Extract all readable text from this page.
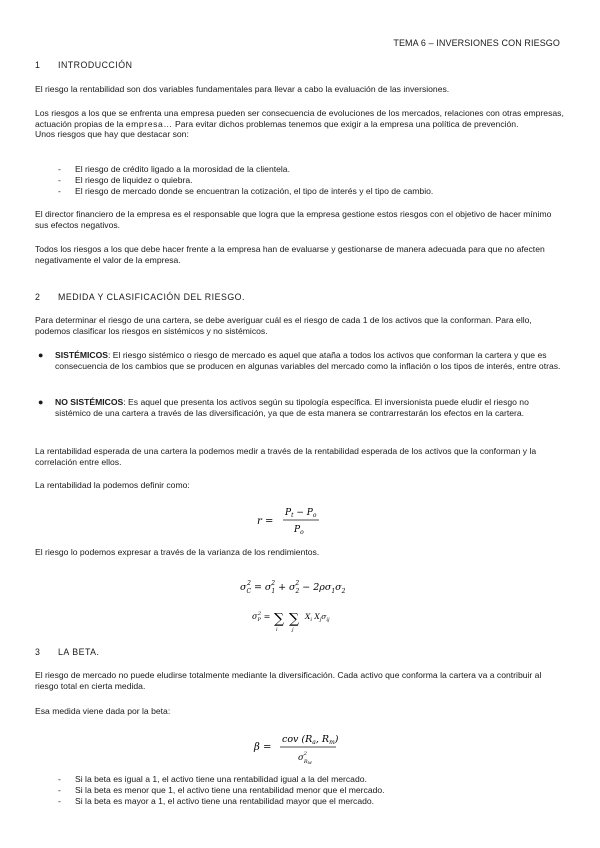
TEMA 6 – INVERSIONES CON RIESGO
1 INTRODUCCIÓN
El riesgo la rentabilidad son dos variables fundamentales para llevar a cabo la evaluación de las inversiones.
Los riesgos a los que se enfrenta una empresa pueden ser consecuencia de evoluciones de los mercados, relaciones con otras empresas, actuación propias de la empresa… Para evitar dichos problemas tenemos que exigir a la empresa una política de prevención.
Unos riesgos que hay que destacar son:
- El riesgo de crédito ligado a la morosidad de la clientela.
- El riesgo de liquidez o quiebra.
- El riesgo de mercado donde se encuentran la cotización, el tipo de interés y el tipo de cambio.
El director financiero de la empresa es el responsable que logra que la empresa gestione estos riesgos con el objetivo de hacer mínimo sus efectos negativos.
Todos los riesgos a los que debe hacer frente a la empresa han de evaluarse y gestionarse de manera adecuada para que no afecten negativamente el valor de la empresa.
2 MEDIDA Y CLASIFICACIÓN DEL RIESGO.
Para determinar el riesgo de una cartera, se debe averiguar cuál es el riesgo de cada 1 de los activos que la conforman. Para ello, podemos clasificar los riesgos en sistémicos y no sistémicos.
● SISTÉMICOS: El riesgo sistémico o riesgo de mercado es aquel que ataña a todos los activos que conforman la cartera y que es consecuencia de los cambios que se producen en algunas variables del mercado como la inflación o los tipos de interés, entre otras.
● NO SISTÉMICOS: Es aquel que presenta los activos según su tipología específica. El inversionista puede eludir el riesgo no sistémico de una cartera a través de las diversificación, ya que de esta manera se contrarrestarán los efectos en la cartera.
La rentabilidad esperada de una cartera la podemos medir a través de la rentabilidad esperada de los activos que la conforman y la correlación entre ellos.
La rentabilidad la podemos definir como:
r =
$P_t - P_o$
$P_o$
El riesgo lo podemos expresar a través de la varianza de los rendimientos.
$\sigma_C2 = \sigma_12 + \sigma_22 - 2\rho\sigma_1\sigma_2$
$\sigma_P2$ = ∑ ∑
i	j
$X_i$ $X_j\sigma_{ij}$
3 LA BETA.
El riesgo de mercado no puede eludirse totalmente mediante la diversificación. Cada activo que conforma la cartera va a contribuir al riesgo total en cierta medida.
Esa medida viene dada por la beta:
β =
cov ($R_a$, $R_m$)
$\sigma_RM2$
- Si la beta es igual a 1, el activo tiene una rentabilidad igual a la del mercado.
- Si la beta es menor que 1, el activo tiene una rentabilidad menor que el mercado.
- Si la beta es mayor a 1, el activo tiene una rentabilidad mayor que el mercado.
